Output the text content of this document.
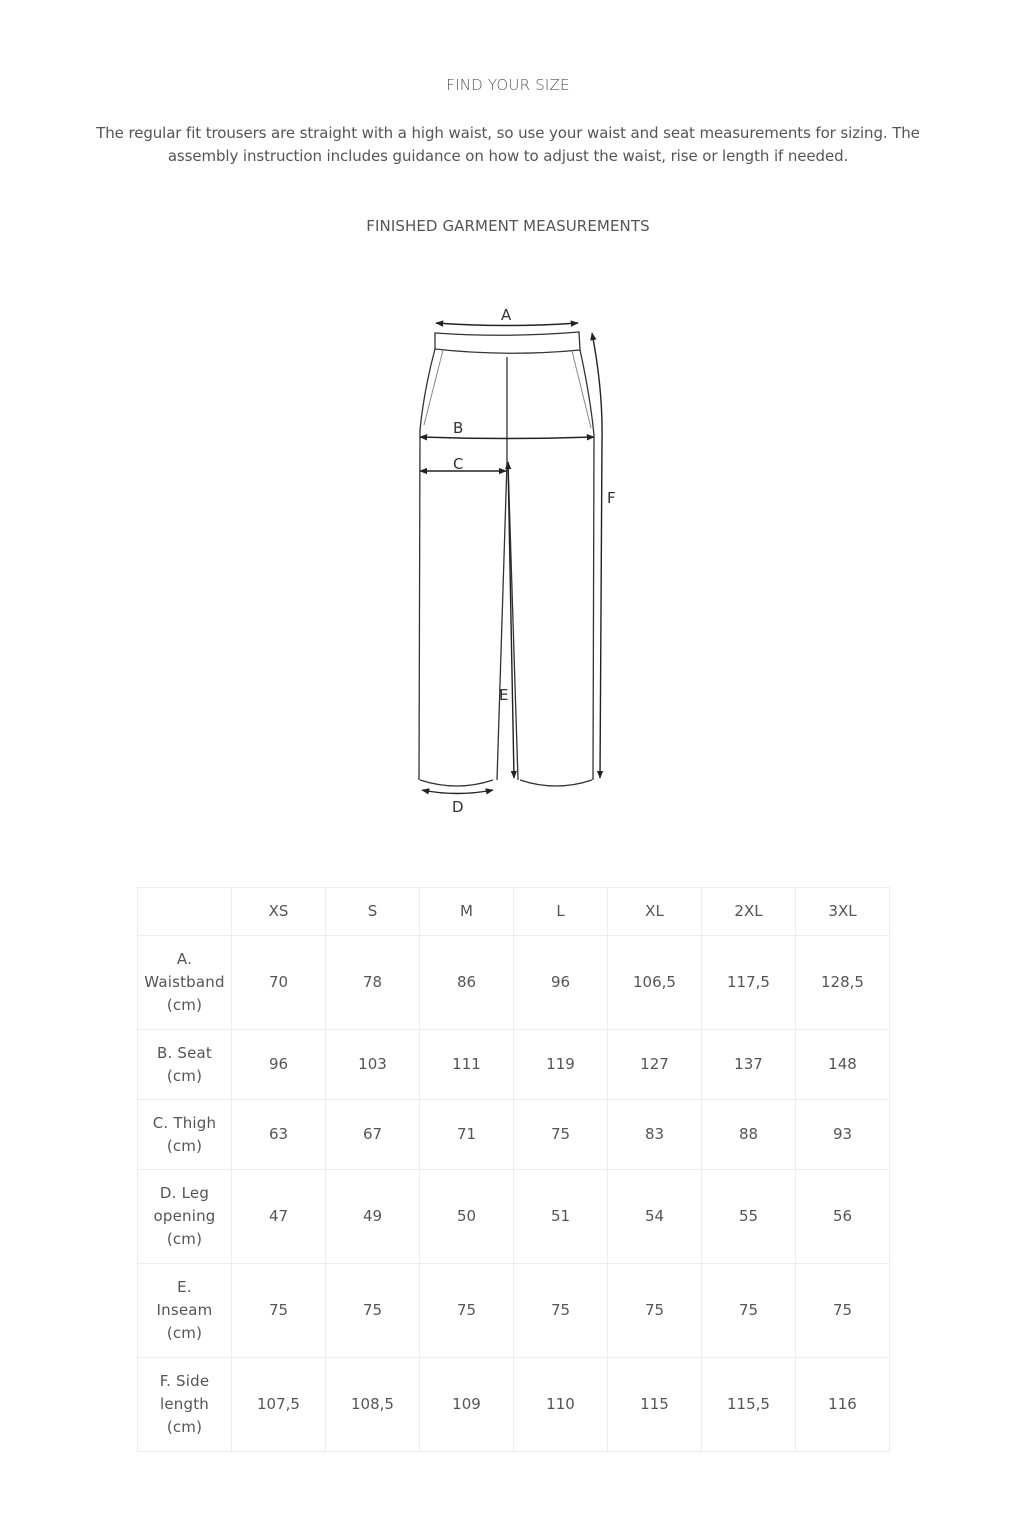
FIND YOUR SIZE
The regular fit trousers are straight with a high waist, so use your waist and seat measurements for sizing. The assembly instruction includes guidance on how to adjust the waist, rise or length if needed.
FINISHED GARMENT MEASUREMENTS
A
B
C
D
E
F
	XS	S	M	L	XL	2XL	3XL

A.
Waistband
(cm)	70	78	86	96	106,5	117,5	128,5

B. Seat
(cm)	96	103	111	119	127	137	148

C. Thigh
(cm)	63	67	71	75	83	88	93

D. Leg
opening
(cm)	47	49	50	51	54	55	56

E.
Inseam
(cm)	75	75	75	75	75	75	75

F. Side
length
(cm)	107,5	108,5	109	110	115	115,5	116
